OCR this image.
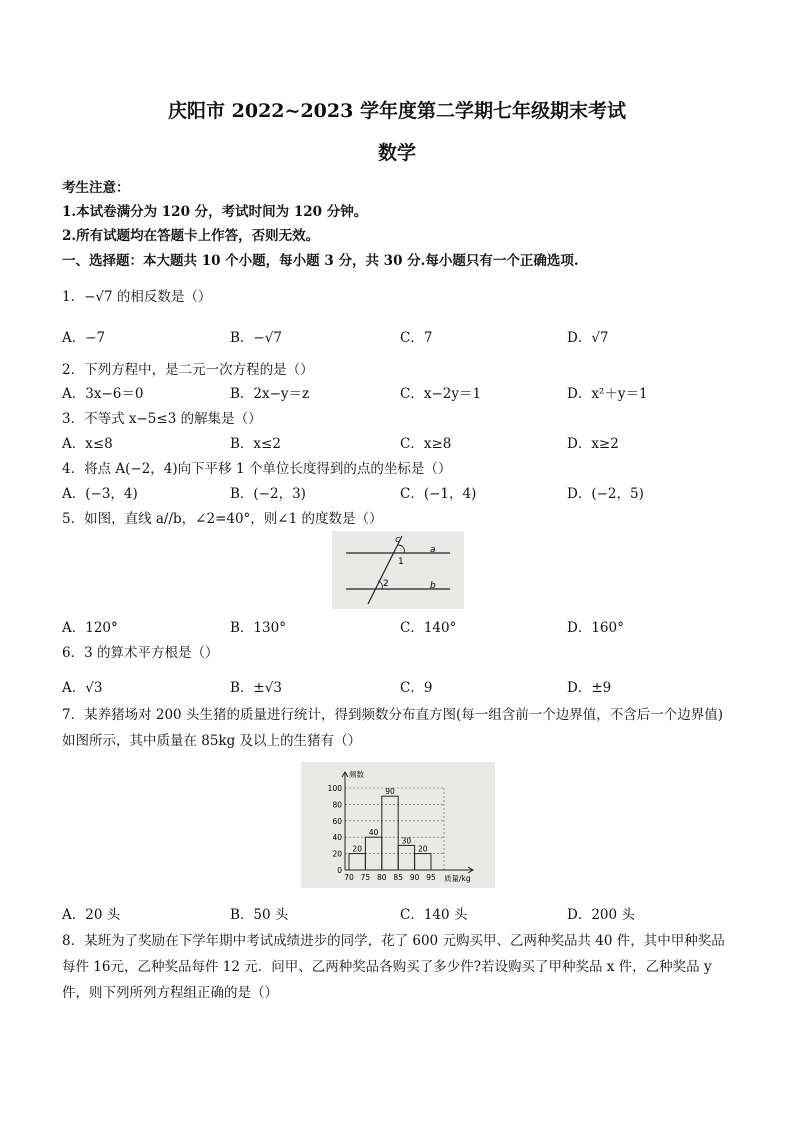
庆阳市 2022~2023 学年度第二学期七年级期末考试
数学
考生注意：
1.本试卷满分为 120 分，考试时间为 120 分钟。
2.所有试题均在答题卡上作答，否则无效。
一、选择题：本大题共 10 个小题，每小题 3 分，共 30 分.每小题只有一个正确选项.
1．−√7 的相反数是（）
A．−7	B．−√7	C．7	D．√7
2．下列方程中，是二元一次方程的是（）
A．3x−6＝0	B．2x−y＝z	C．x−2y＝1	D．x²＋y＝1
3．不等式 x−5≤3 的解集是（）
A．x≤8	B．x≤2	C．x≥8	D．x≥2
4．将点 A(−2，4)向下平移 1 个单位长度得到的点的坐标是（）
A．(−3，4)	B．(−2，3)	C．(−1，4)	D．(−2，5)
5．如图，直线 a//b，∠2=40°，则∠1 的度数是（）
c
a
b
1
2
A．120°	B．130°	C．140°	D．160°
6．3 的算术平方根是（）
A．√3	B．±√3	C．9	D．±9
7．某养猪场对 200 头生猪的质量进行统计，得到频数分布直方图(每一组含前一个边界值，不含后一个边界值)如图所示，其中质量在 85kg 及以上的生猪有（）
频数
质量/kg
0
20
40
60
80
100
70 75 80 85 90 95
20
40
90
30
20
A．20 头	B．50 头	C．140 头	D．200 头
8．某班为了奖励在下学年期中考试成绩进步的同学，花了 600 元购买甲、乙两种奖品共 40 件，其中甲种奖品每件 16元，乙种奖品每件 12 元．问甲、乙两种奖品各购买了多少件?若设购买了甲种奖品 x 件，乙种奖品 y 件，则下列所列方程组正确的是（）
